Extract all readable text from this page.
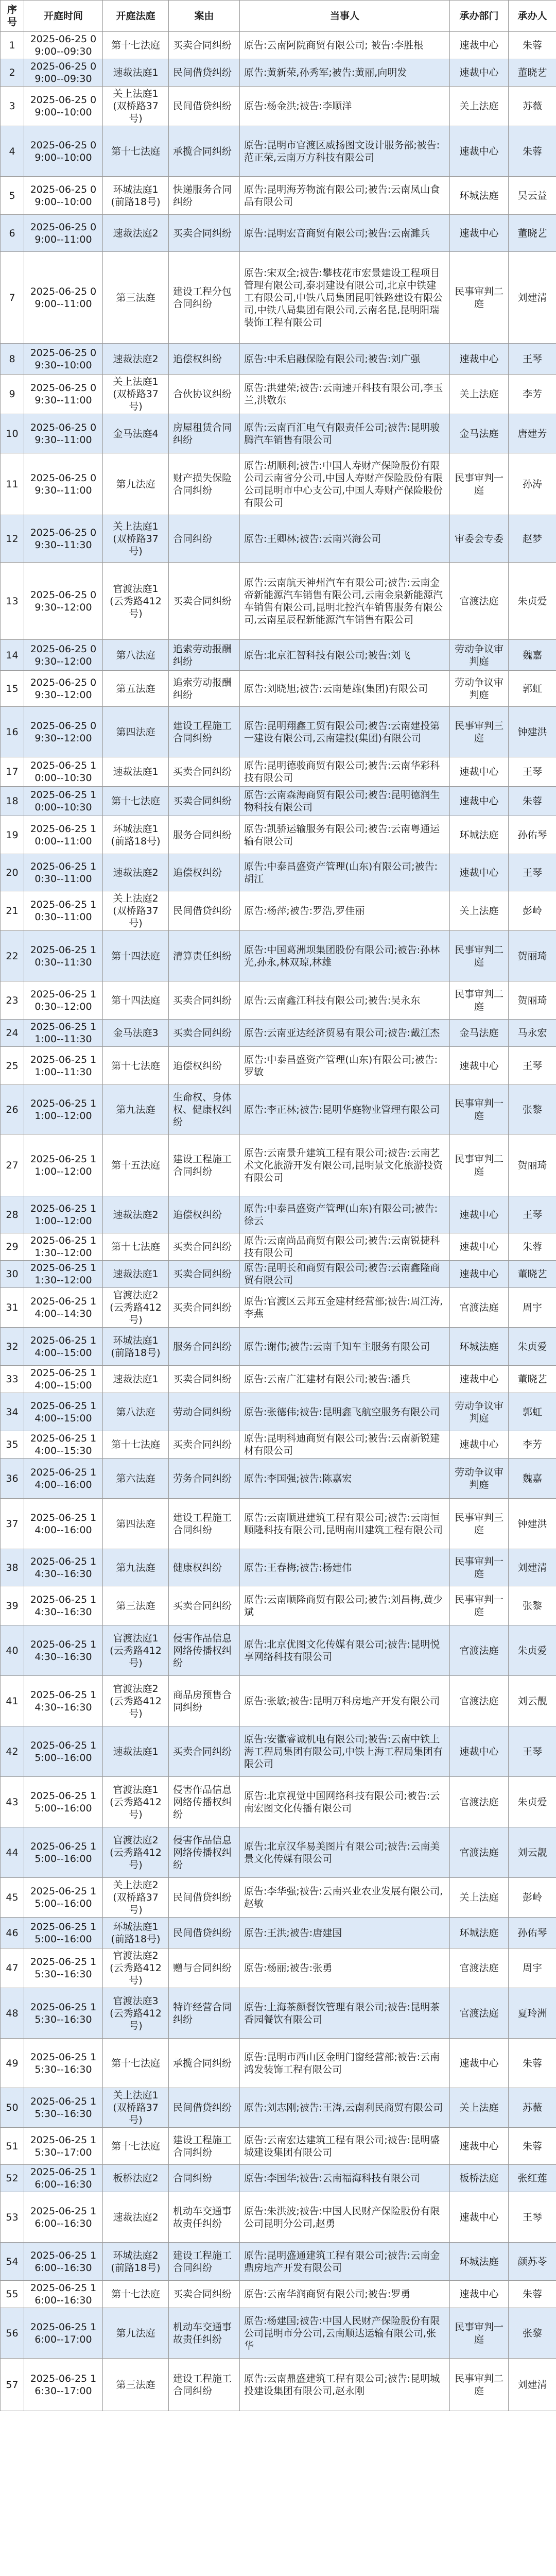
序号	开庭时间	开庭法庭	案由	当事人	承办部门	承办人
1	2025-06-25 09:00--09:30	第十七法庭	买卖合同纠纷	原告:云南阿院商贸有限公司; 被告:李胜根	速裁中心	朱蓉
2	2025-06-25 09:00--09:30	速裁法庭1	民间借贷纠纷	原告:黄新荣,孙秀军;被告:黄丽,向明发	速裁中心	董晓艺
3	2025-06-25 09:00--10:00	关上法庭1(双桥路37号)	民间借贷纠纷	原告:杨金洪;被告:李顺洋	关上法庭	苏薇
4	2025-06-25 09:00--10:00	第十七法庭	承揽合同纠纷	原告:昆明市官渡区威扬图文设计服务部;被告:范正荣,云南万方科技有限公司	速裁中心	朱蓉
5	2025-06-25 09:00--10:00	环城法庭1(前路18号)	快递服务合同纠纷	原告:昆明海芳物流有限公司;被告:云南凤山食品有限公司	环城法庭	吴云益
6	2025-06-25 09:00--11:00	速裁法庭2	买卖合同纠纷	原告:昆明宏音商贸有限公司;被告:云南濉兵	速裁中心	董晓艺
7	2025-06-25 09:00--11:00	第三法庭	建设工程分包合同纠纷	原告:宋双全;被告:攀枝花市宏景建设工程项目管理有限公司,泰羽建设有限公司,北京中铁建工有限公司,中铁八局集团昆明铁路建设有限公司,中铁八局集团有限公司,云南名昆,昆明阳瑞装饰工程有限公司	民事审判二庭	刘建清
8	2025-06-25 09:30--10:00	速裁法庭2	追偿权纠纷	原告:中禾启融保险有限公司;被告:刘广强	速裁中心	王琴
9	2025-06-25 09:30--11:00	关上法庭1(双桥路37号)	合伙协议纠纷	原告:洪建荣;被告:云南速开科技有限公司,李玉兰,洪敬东	关上法庭	李芳
10	2025-06-25 09:30--11:00	金马法庭4	房屋租赁合同纠纷	原告:云南百汇电气有限责任公司;被告:昆明骏腾汽车销售有限公司	金马法庭	唐建芳
11	2025-06-25 09:30--11:00	第九法庭	财产损失保险合同纠纷	原告:胡顺利;被告:中国人寿财产保险股份有限公司云南省分公司,中国人寿财产保险股份有限公司昆明市中心支公司,中国人寿财产保险股份有限公司	民事审判一庭	孙涛
12	2025-06-25 09:30--11:30	关上法庭1(双桥路37号)	合同纠纷	原告:王卿林;被告:云南兴海公司	审委会专委	赵梦
13	2025-06-25 09:30--12:00	官渡法庭1(云秀路412号)	买卖合同纠纷	原告:云南航天神州汽车有限公司;被告:云南金帝新能源汽车销售有限公司,云南金泉新能源汽车销售有限公司,昆明北控汽车销售服务有限公司,云南星辰程新能源汽车销售有限公司	官渡法庭	朱贞爱
14	2025-06-25 09:30--12:00	第八法庭	追索劳动报酬纠纷	原告:北京汇智科技有限公司;被告:刘飞	劳动争议审判庭	魏嘉
15	2025-06-25 09:30--12:00	第五法庭	追索劳动报酬纠纷	原告:刘晓旭;被告:云南楚雄(集团)有限公司	劳动争议审判庭	郭虹
16	2025-06-25 09:30--12:00	第四法庭	建设工程施工合同纠纷	原告:昆明翔鑫工贸有限公司;被告:云南建投第一建设有限公司,云南建投(集团)有限公司	民事审判三庭	钟建洪
17	2025-06-25 10:00--10:30	速裁法庭1	买卖合同纠纷	原告:昆明德骏商贸有限公司;被告:云南华彩科技有限公司	速裁中心	王琴
18	2025-06-25 10:00--10:30	第十七法庭	买卖合同纠纷	原告:云南森海商贸有限公司;被告:昆明德润生物科技有限公司	速裁中心	朱蓉
19	2025-06-25 10:00--11:00	环城法庭1(前路18号)	服务合同纠纷	原告:凯骄运输服务有限公司;被告:云南粤通运输有限公司	环城法庭	孙佑琴
20	2025-06-25 10:30--11:00	速裁法庭2	追偿权纠纷	原告:中泰昌盛资产管理(山东)有限公司;被告:胡江	速裁中心	王琴
21	2025-06-25 10:30--11:00	关上法庭2(双桥路37号)	民间借贷纠纷	原告:杨萍;被告:罗浩,罗佳丽	关上法庭	彭岭
22	2025-06-25 10:30--11:30	第十四法庭	清算责任纠纷	原告:中国葛洲坝集团股份有限公司;被告:孙林光,孙永,林双琼,林雄	民事审判二庭	贺丽琦
23	2025-06-25 10:30--12:00	第十四法庭	买卖合同纠纷	原告:云南鑫江科技有限公司;被告:吴永东	民事审判二庭	贺丽琦
24	2025-06-25 11:00--11:30	金马法庭3	买卖合同纠纷	原告:云南亚达经济贸易有限公司;被告:戴江杰	金马法庭	马永宏
25	2025-06-25 11:00--11:30	第十七法庭	追偿权纠纷	原告:中泰昌盛资产管理(山东)有限公司;被告:罗敏	速裁中心	王琴
26	2025-06-25 11:00--12:00	第九法庭	生命权、身体权、健康权纠纷	原告:李正林;被告:昆明华庭物业管理有限公司	民事审判一庭	张黎
27	2025-06-25 11:00--12:00	第十五法庭	建设工程施工合同纠纷	原告:云南景升建筑工程有限公司;被告:云南艺术文化旅游开发有限公司,昆明景文化旅游投资有限公司	民事审判二庭	贺丽琦
28	2025-06-25 11:00--12:00	速裁法庭2	追偿权纠纷	原告:中泰昌盛资产管理(山东)有限公司;被告:徐云	速裁中心	王琴
29	2025-06-25 11:30--12:00	第十七法庭	买卖合同纠纷	原告:云南尚品商贸有限公司;被告:云南锐捷科技有限公司	速裁中心	朱蓉
30	2025-06-25 11:30--12:00	速裁法庭1	买卖合同纠纷	原告:昆明长和商贸有限公司;被告:云南鑫隆商贸有限公司	速裁中心	董晓艺
31	2025-06-25 14:00--14:30	官渡法庭2(云秀路412号)	买卖合同纠纷	原告:官渡区云邦五金建材经营部;被告:周江涛,李燕	官渡法庭	周宇
32	2025-06-25 14:00--15:00	环城法庭1(前路18号)	服务合同纠纷	原告:谢伟;被告:云南千知车主服务有限公司	环城法庭	朱贞爱
33	2025-06-25 14:00--15:00	速裁法庭1	买卖合同纠纷	原告:云南广汇建材有限公司;被告:潘兵	速裁中心	董晓艺
34	2025-06-25 14:00--15:00	第八法庭	劳动合同纠纷	原告:张德伟;被告:昆明鑫飞航空服务有限公司	劳动争议审判庭	郭虹
35	2025-06-25 14:00--15:30	第十七法庭	买卖合同纠纷	原告:昆明科迪商贸有限公司;被告:云南新锐建材有限公司	速裁中心	李芳
36	2025-06-25 14:00--16:00	第六法庭	劳务合同纠纷	原告:李国强;被告:陈嘉宏	劳动争议审判庭	魏嘉
37	2025-06-25 14:00--16:00	第四法庭	建设工程施工合同纠纷	原告:云南顺进建筑工程有限公司;被告:云南恒顺隆科技有限公司,昆明南川建筑工程有限公司	民事审判三庭	钟建洪
38	2025-06-25 14:30--16:30	第九法庭	健康权纠纷	原告:王春梅;被告:杨建伟	民事审判一庭	刘建清
39	2025-06-25 14:30--16:30	第三法庭	买卖合同纠纷	原告:云南顺隆商贸有限公司;被告:刘昌梅,黄少斌	民事审判一庭	张黎
40	2025-06-25 14:30--16:30	官渡法庭1(云秀路412号)	侵害作品信息网络传播权纠纷	原告:北京优图文化传媒有限公司;被告:昆明悦享网络科技有限公司	官渡法庭	朱贞爱
41	2025-06-25 14:30--16:30	官渡法庭2(云秀路412号)	商品房预售合同纠纷	原告:张敏;被告:昆明万科房地产开发有限公司	官渡法庭	刘云靓
42	2025-06-25 15:00--16:00	速裁法庭1	买卖合同纠纷	原告:安徽睿诚机电有限公司;被告:云南中铁上海工程局集团有限公司,中铁上海工程局集团有限公司	速裁中心	王琴
43	2025-06-25 15:00--16:00	官渡法庭1(云秀路412号)	侵害作品信息网络传播权纠纷	原告:北京视觉中国网络科技有限公司;被告:云南宏图文化传播有限公司	官渡法庭	朱贞爱
44	2025-06-25 15:00--16:00	官渡法庭2(云秀路412号)	侵害作品信息网络传播权纠纷	原告:北京汉华易美图片有限公司;被告:云南美景文化传媒有限公司	官渡法庭	刘云靓
45	2025-06-25 15:00--16:00	关上法庭2(双桥路37号)	民间借贷纠纷	原告:李华强;被告:云南兴业农业发展有限公司,赵敏	关上法庭	彭岭
46	2025-06-25 15:00--16:00	环城法庭1(前路18号)	民间借贷纠纷	原告:王洪;被告:唐建国	环城法庭	孙佑琴
47	2025-06-25 15:30--16:30	官渡法庭2(云秀路412号)	赠与合同纠纷	原告:杨丽;被告:张勇	官渡法庭	周宇
48	2025-06-25 15:30--16:30	官渡法庭3(云秀路412号)	特许经营合同纠纷	原告:上海茶颜餐饮管理有限公司;被告:昆明茶香园餐饮有限公司	官渡法庭	夏玲洲
49	2025-06-25 15:30--16:30	第十七法庭	承揽合同纠纷	原告:昆明市西山区金明门窗经营部;被告:云南鸿发装饰工程有限公司	速裁中心	朱蓉
50	2025-06-25 15:30--16:30	关上法庭1(双桥路37号)	民间借贷纠纷	原告:刘志刚;被告:王涛,云南利民商贸有限公司	关上法庭	苏薇
51	2025-06-25 15:30--17:00	第十七法庭	建设工程施工合同纠纷	原告:云南宏达建筑工程有限公司;被告:昆明盛城建设集团有限公司	速裁中心	朱蓉
52	2025-06-25 16:00--16:30	板桥法庭2	合同纠纷	原告:李国华;被告:云南福海科技有限公司	板桥法庭	张红莲
53	2025-06-25 16:00--16:30	速裁法庭2	机动车交通事故责任纠纷	原告:朱洪波;被告:中国人民财产保险股份有限公司昆明分公司,赵勇	速裁中心	王琴
54	2025-06-25 16:00--16:30	环城法庭2(前路18号)	建设工程施工合同纠纷	原告:昆明盛通建筑工程有限公司;被告:云南金鼎房地产开发有限公司	环城法庭	颜苏苓
55	2025-06-25 16:00--16:30	第十七法庭	买卖合同纠纷	原告:云南华润商贸有限公司;被告:罗勇	速裁中心	朱蓉
56	2025-06-25 16:00--17:00	第九法庭	机动车交通事故责任纠纷	原告:杨建国;被告:中国人民财产保险股份有限公司昆明市分公司,云南顺达运输有限公司,张华	民事审判一庭	张黎
57	2025-06-25 16:30--17:00	第三法庭	建设工程施工合同纠纷	原告:云南鼎盛建筑工程有限公司;被告:昆明城投建设集团有限公司,赵永刚	民事审判二庭	刘建清
